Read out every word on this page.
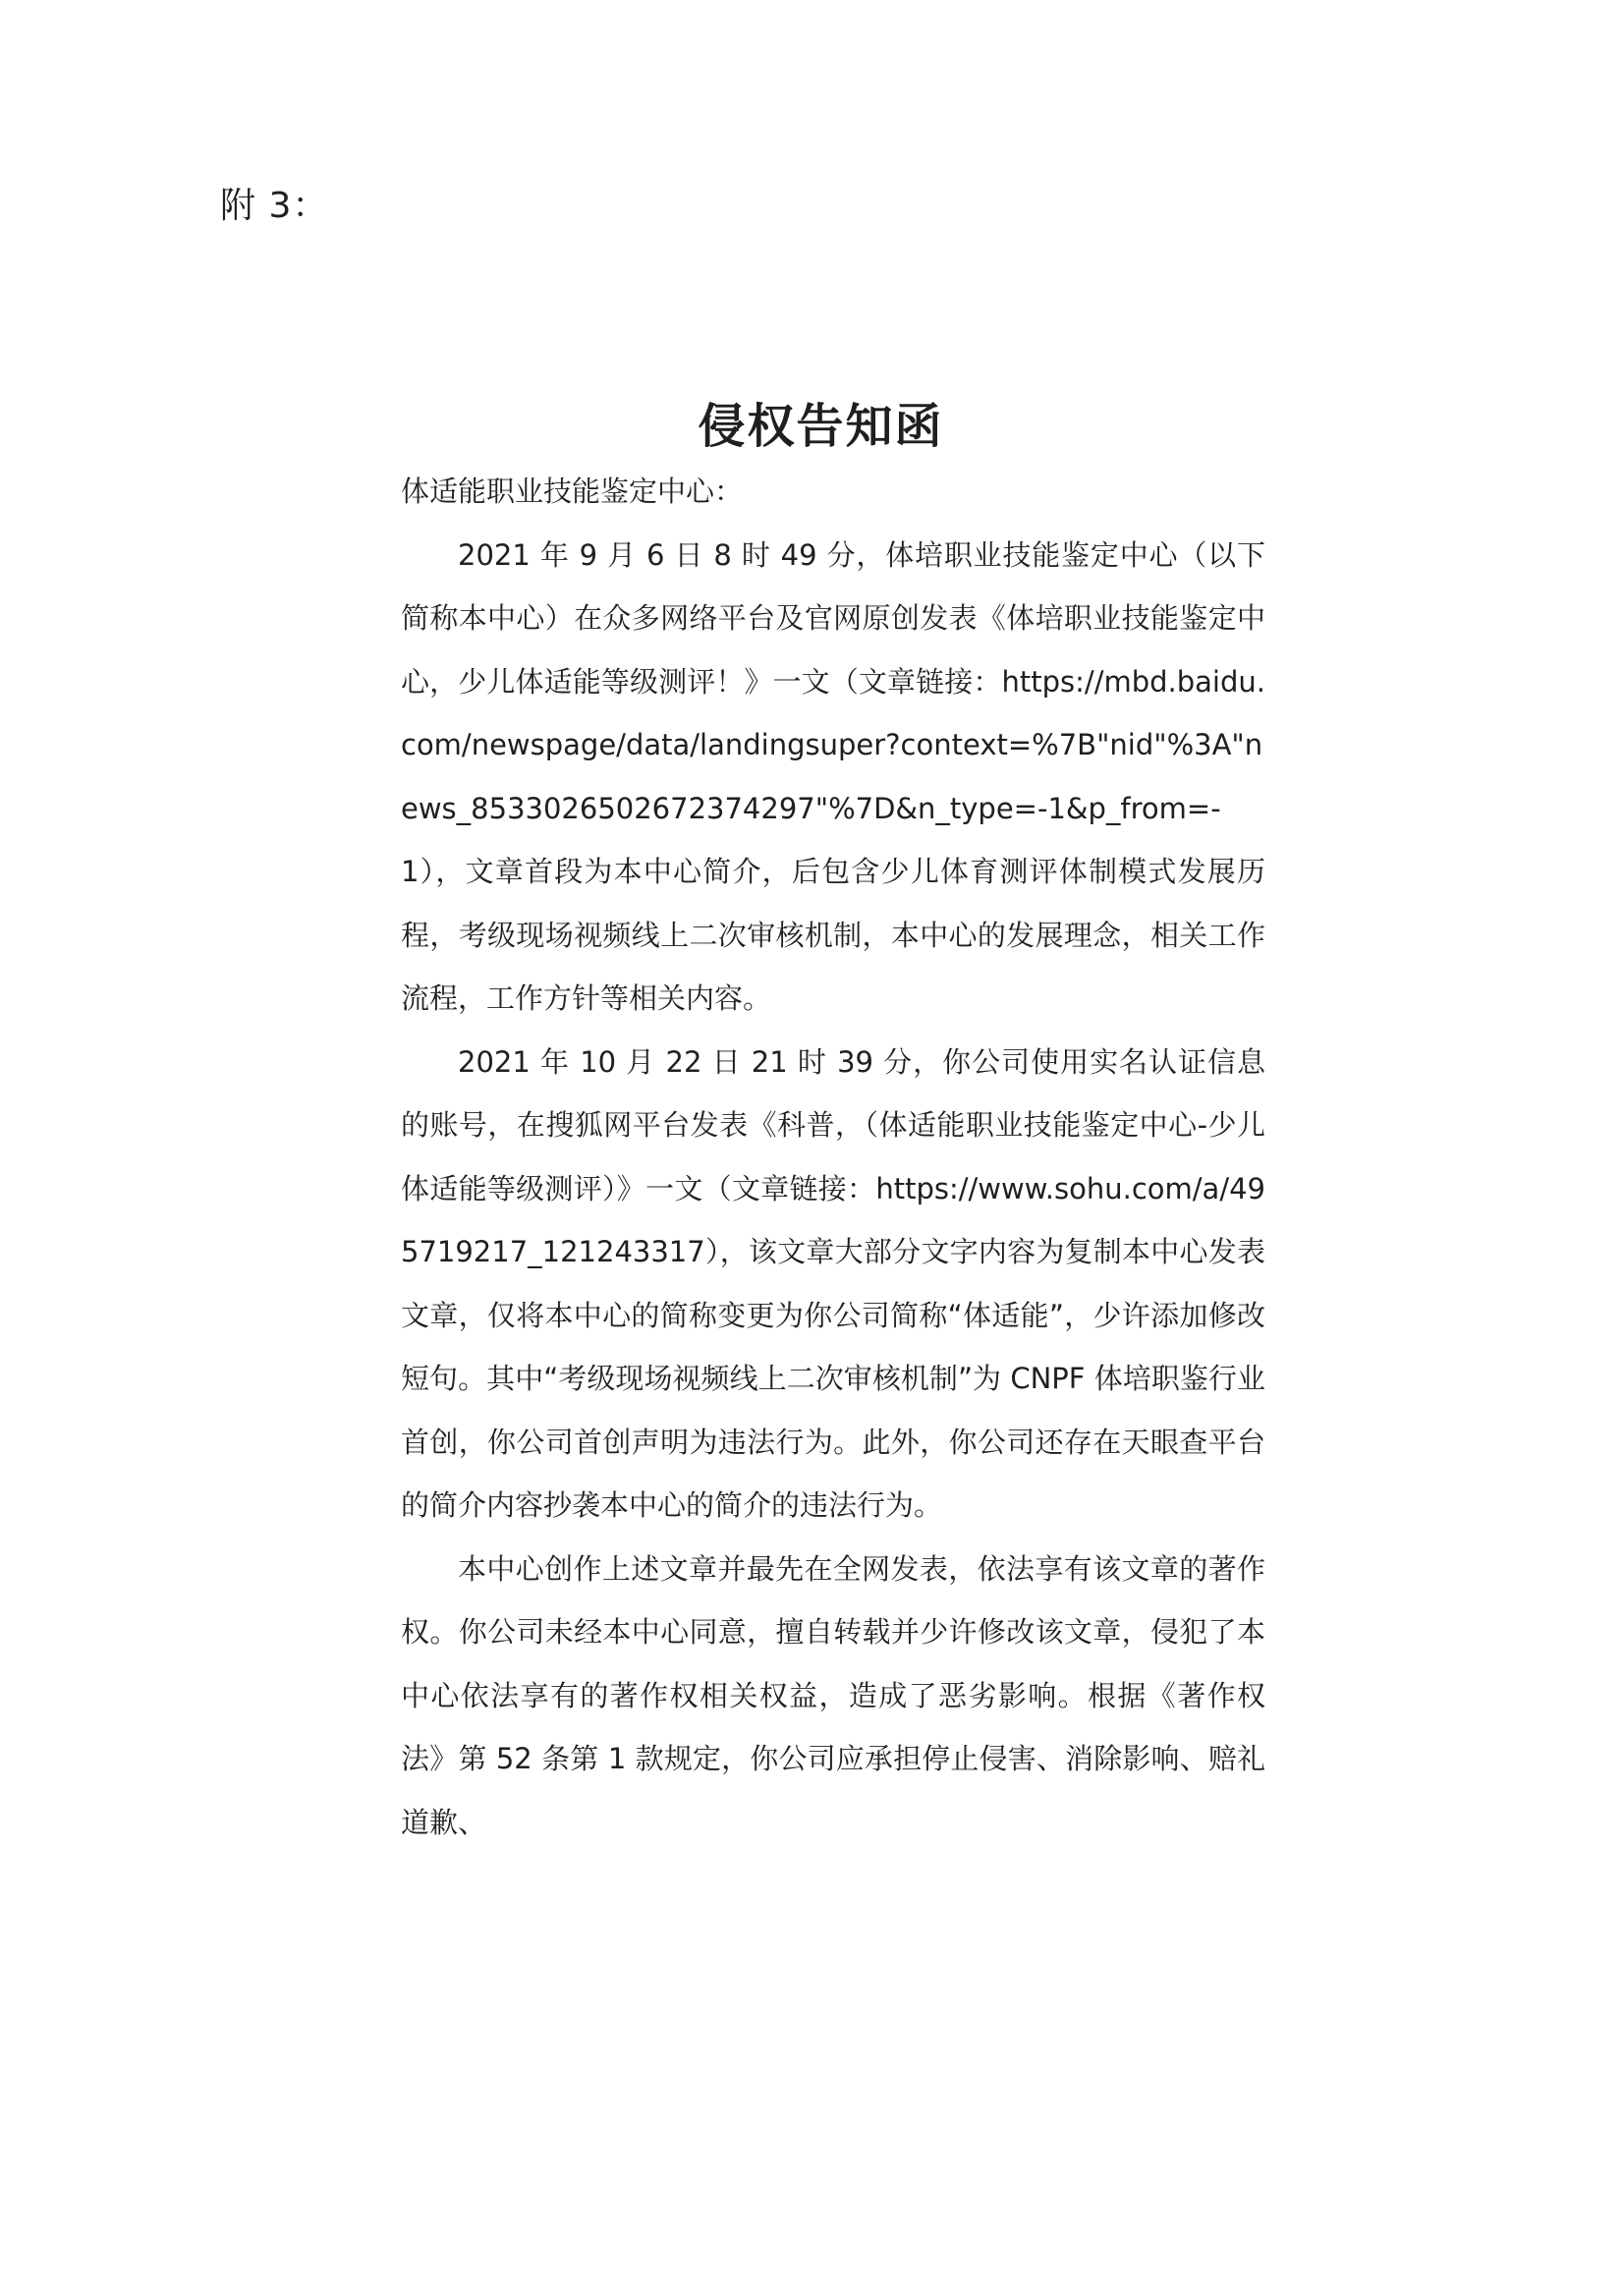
附 3：
侵权告知函

体适能职业技能鉴定中心：

2021 年 9 月 6 日 8 时 49 分，体培职业技能鉴定中心（以下简称本中心）在众多网络平台及官网原创发表《体培职业技能鉴定中心，少儿体适能等级测评！》一文（文章链接：https://mbd.baidu.com/newspage/data/landingsuper?context=%7B"nid"%3A"news_8533026502672374297"%7D&n_type=-1&p_from=-1），文章首段为本中心简介，后包含少儿体育测评体制模式发展历程，考级现场视频线上二次审核机制，本中心的发展理念，相关工作流程，工作方针等相关内容。

2021 年 10 月 22 日 21 时 39 分，你公司使用实名认证信息的账号，在搜狐网平台发表《科普，（体适能职业技能鉴定中心-少儿体适能等级测评）》一文（文章链接：https://www.sohu.com/a/495719217_121243317），该文章大部分文字内容为复制本中心发表文章，仅将本中心的简称变更为你公司简称“体适能”，少许添加修改短句。其中“考级现场视频线上二次审核机制”为 CNPF 体培职鉴行业首创，你公司首创声明为违法行为。此外，你公司还存在天眼查平台的简介内容抄袭本中心的简介的违法行为。

本中心创作上述文章并最先在全网发表，依法享有该文章的著作权。你公司未经本中心同意，擅自转载并少许修改该文章，侵犯了本中心依法享有的著作权相关权益，造成了恶劣影响。根据《著作权法》第 52 条第 1 款规定，你公司应承担停止侵害、消除影响、赔礼道歉、
